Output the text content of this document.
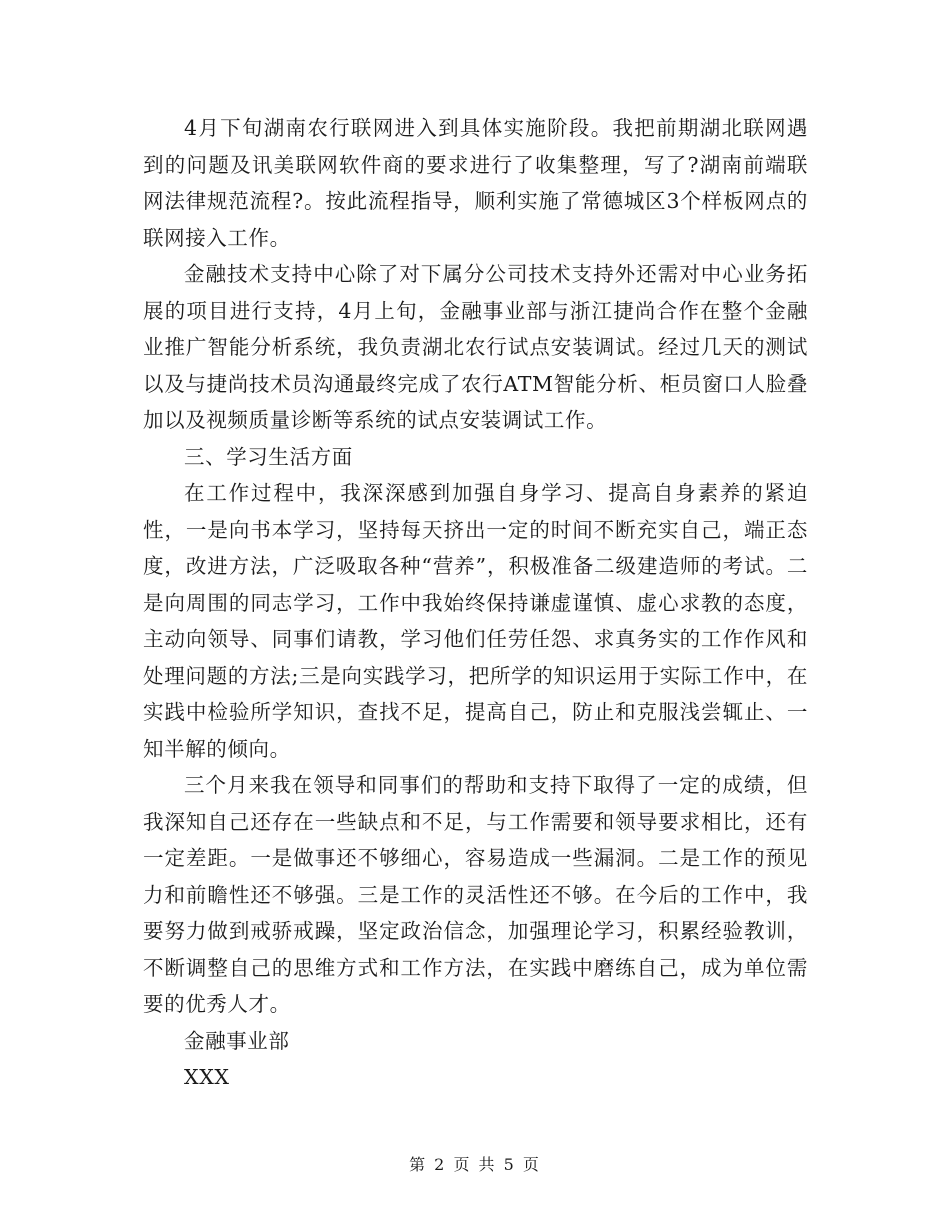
4月下旬湖南农行联网进入到具体实施阶段。我把前期湖北联网遇到的问题及讯美联网软件商的要求进行了收集整理，写了?湖南前端联网法律规范流程?。按此流程指导，顺利实施了常德城区3个样板网点的联网接入工作。

金融技术支持中心除了对下属分公司技术支持外还需对中心业务拓展的项目进行支持，4月上旬，金融事业部与浙江捷尚合作在整个金融业推广智能分析系统，我负责湖北农行试点安装调试。经过几天的测试以及与捷尚技术员沟通最终完成了农行ATM智能分析、柜员窗口人脸叠加以及视频质量诊断等系统的试点安装调试工作。

三、学习生活方面

在工作过程中，我深深感到加强自身学习、提高自身素养的紧迫性，一是向书本学习，坚持每天挤出一定的时间不断充实自己，端正态度，改进方法，广泛吸取各种“营养”，积极准备二级建造师的考试。二是向周围的同志学习，工作中我始终保持谦虚谨慎、虚心求教的态度，主动向领导、同事们请教，学习他们任劳任怨、求真务实的工作作风和处理问题的方法;三是向实践学习，把所学的知识运用于实际工作中，在实践中检验所学知识，查找不足，提高自己，防止和克服浅尝辄止、一知半解的倾向。

三个月来我在领导和同事们的帮助和支持下取得了一定的成绩，但我深知自己还存在一些缺点和不足，与工作需要和领导要求相比，还有一定差距。一是做事还不够细心，容易造成一些漏洞。二是工作的预见力和前瞻性还不够强。三是工作的灵活性还不够。在今后的工作中，我要努力做到戒骄戒躁，坚定政治信念，加强理论学习，积累经验教训，不断调整自己的思维方式和工作方法，在实践中磨练自己，成为单位需要的优秀人才。

金融事业部

XXX

第 2 页 共 5 页
